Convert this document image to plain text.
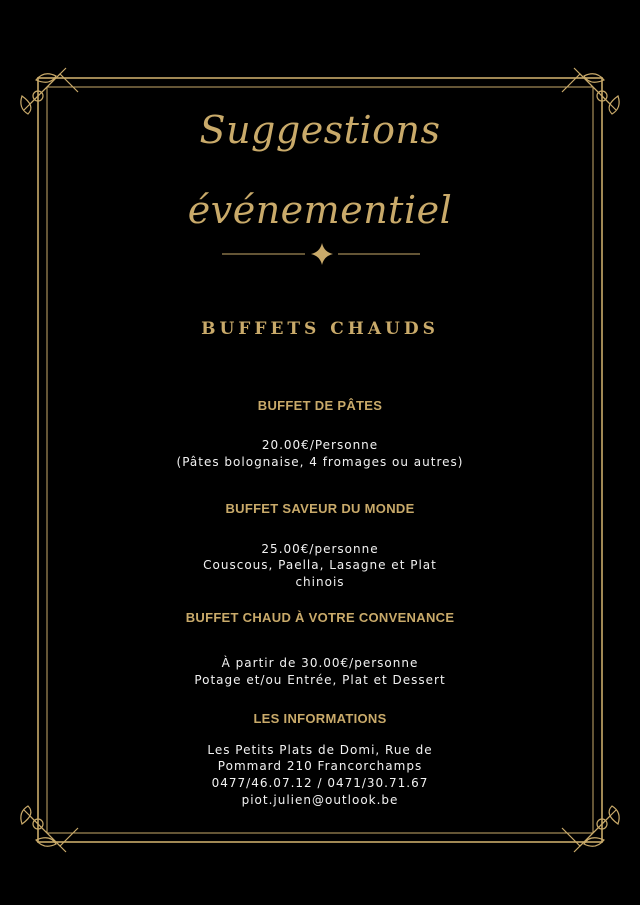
Suggestions
événementiel
BUFFETS CHAUDS
BUFFET DE PÂTES
20.00€/Personne
(Pâtes bolognaise, 4 fromages ou autres)
BUFFET SAVEUR DU MONDE
25.00€/personne
Couscous, Paella, Lasagne et Plat
chinois
BUFFET CHAUD À VOTRE CONVENANCE
À partir de 30.00€/personne
Potage et/ou Entrée, Plat et Dessert
LES INFORMATIONS
Les Petits Plats de Domi, Rue de
Pommard 210 Francorchamps
0477/46.07.12 / 0471/30.71.67
piot.julien@outlook.be
